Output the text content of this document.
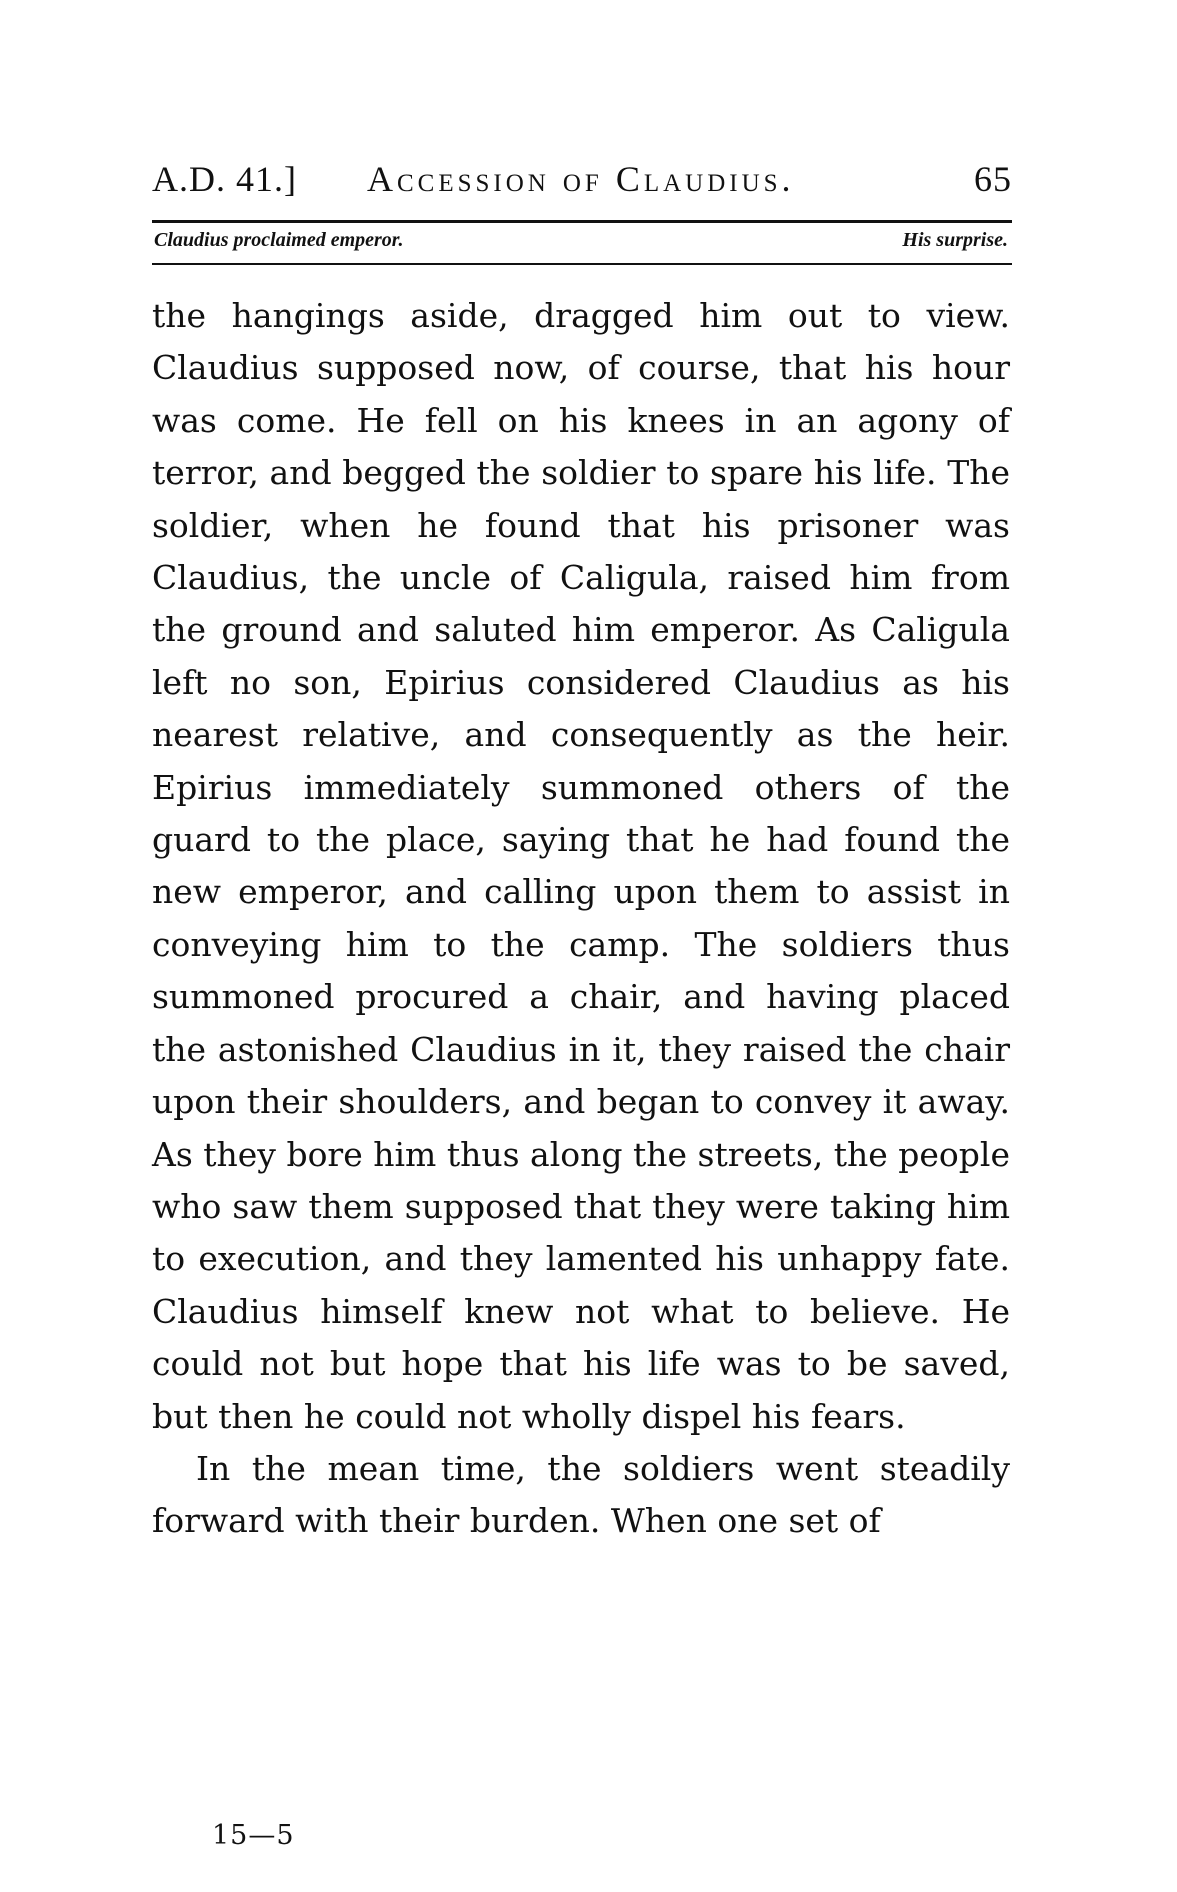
A.D. 41.] Accession of Claudius.	65
Claudius proclaimed emperor.	His surprise.

the hangings aside, dragged him out to view. Claudius supposed now, of course, that his hour was come. He fell on his knees in an agony of terror, and begged the soldier to spare his life. The soldier, when he found that his prisoner was Claudius, the uncle of Caligula, raised him from the ground and saluted him emperor. As Caligula left no son, Epirius considered Claudius as his nearest relative, and consequently as the heir. Epirius immediately summoned others of the guard to the place, saying that he had found the new emperor, and calling upon them to assist in conveying him to the camp. The soldiers thus summoned procured a chair, and having placed the astonished Claudius in it, they raised the chair upon their shoulders, and began to convey it away. As they bore him thus along the streets, the people who saw them supposed that they were taking him to execution, and they lamented his unhappy fate. Claudius himself knew not what to believe. He could not but hope that his life was to be saved, but then he could not wholly dispel his fears.

In the mean time, the soldiers went steadily forward with their burden. When one set of

15—5
